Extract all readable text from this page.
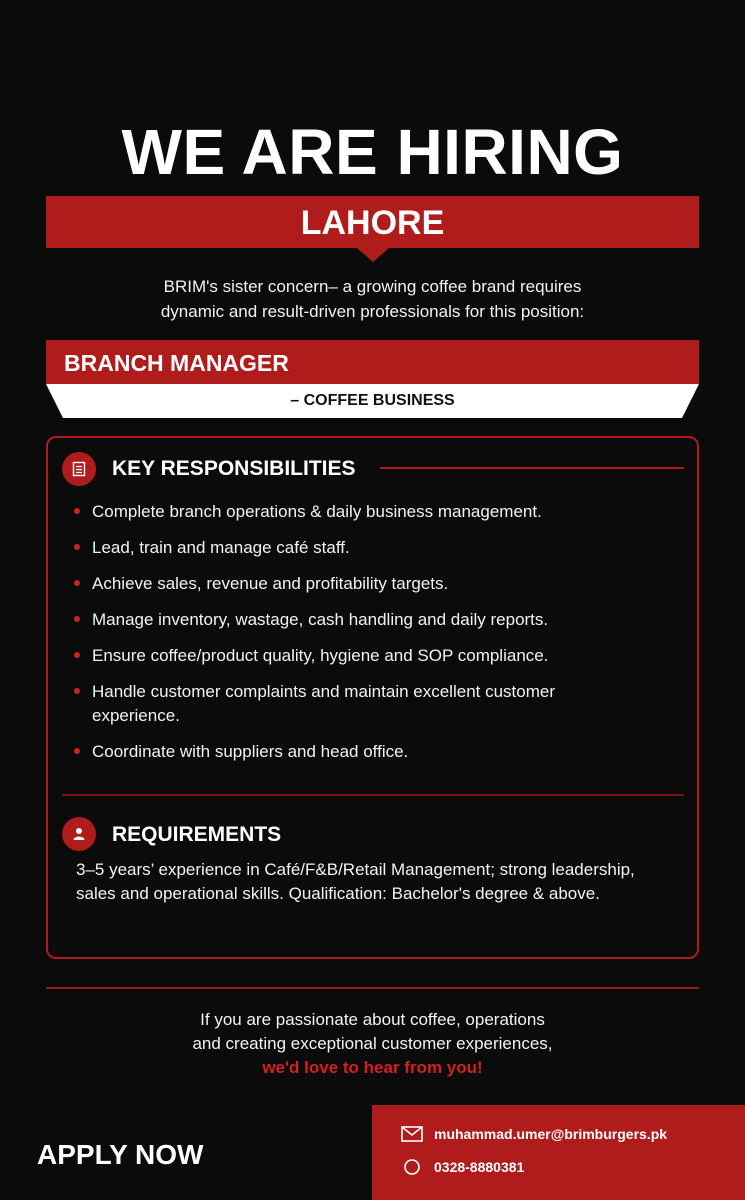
WE ARE HIRING
LAHORE
BRIM's sister concern– a growing coffee brand requires
dynamic and result-driven professionals for this position:
BRANCH MANAGER
– COFFEE BUSINESS
KEY RESPONSIBILITIES
Complete branch operations & daily business management.
Lead, train and manage café staff.
Achieve sales, revenue and profitability targets.
Manage inventory, wastage, cash handling and daily reports.
Ensure coffee/product quality, hygiene and SOP compliance.
Handle customer complaints and maintain excellent customer experience.
Coordinate with suppliers and head office.
REQUIREMENTS
3–5 years’ experience in Café/F&B/Retail Management; strong leadership, sales and operational skills. Qualification: Bachelor's degree & above.
If you are passionate about coffee, operations
and creating exceptional customer experiences,
we'd love to hear from you!
APPLY NOW
muhammad.umer@brimburgers.pk
0328-8880381
